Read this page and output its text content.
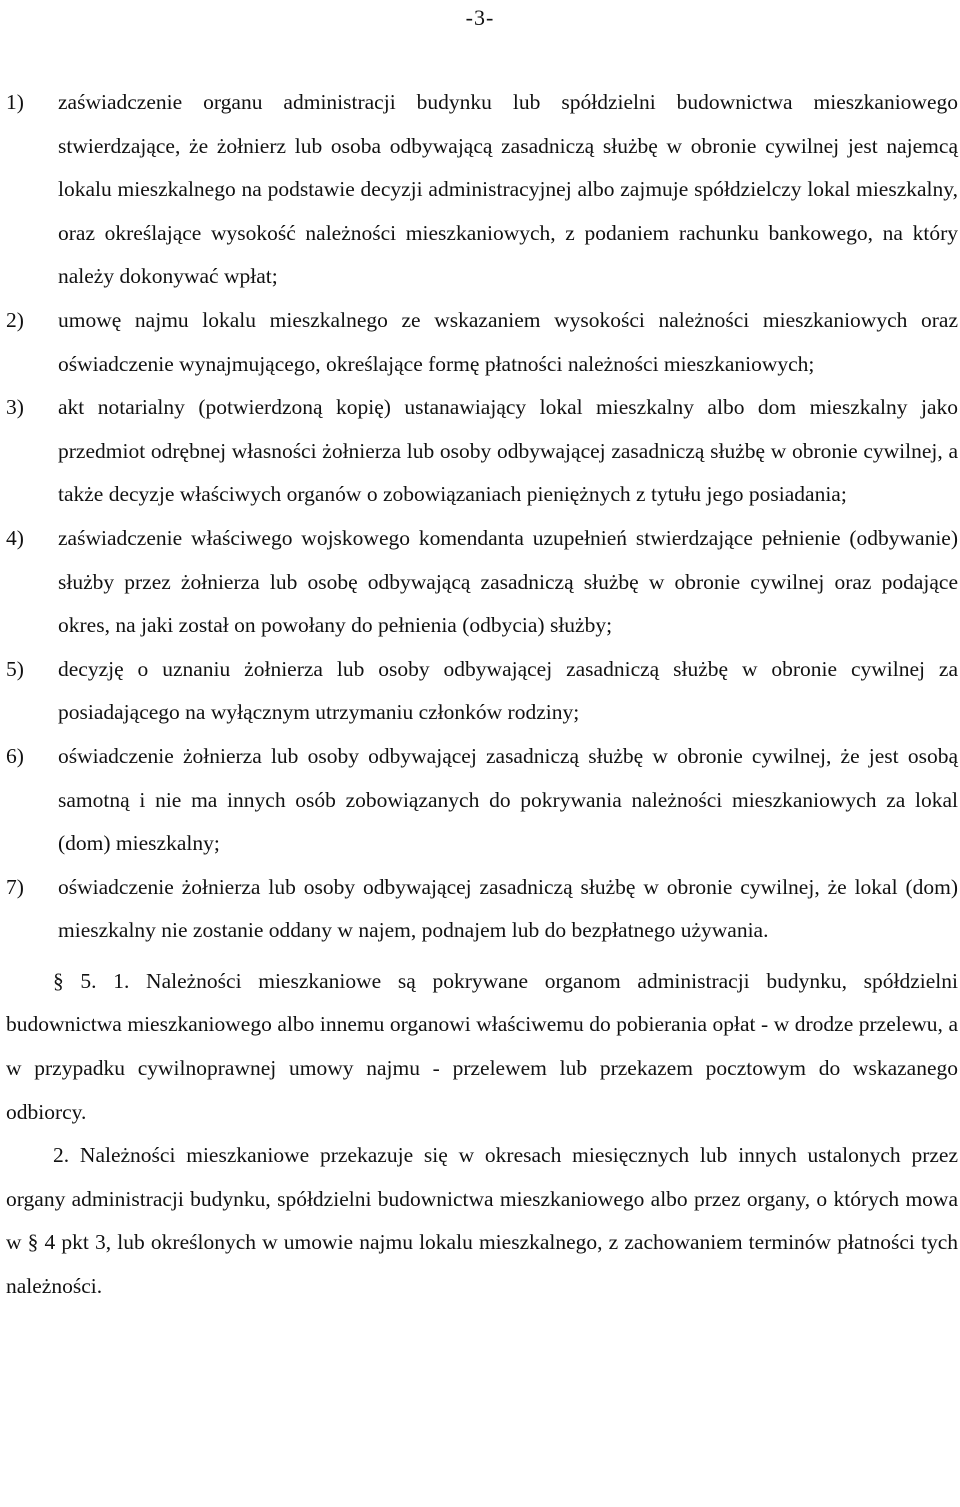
-3-
1)	zaświadczenie organu administracji budynku lub spółdzielni budownictwa mieszkaniowego stwierdzające, że żołnierz lub osoba odbywającą zasadniczą służbę w obronie cywilnej jest najemcą lokalu mieszkalnego na podstawie decyzji administracyjnej albo zajmuje spółdzielczy lokal mieszkalny, oraz określające wysokość należności mieszkaniowych, z podaniem rachunku bankowego, na który należy dokonywać wpłat;
2)	umowę najmu lokalu mieszkalnego ze wskazaniem wysokości należności mieszkaniowych oraz oświadczenie wynajmującego, określające formę płatności należności mieszkaniowych;
3)	akt notarialny (potwierdzoną kopię) ustanawiający lokal mieszkalny albo dom mieszkalny jako przedmiot odrębnej własności żołnierza lub osoby odbywającej zasadniczą służbę w obronie cywilnej, a także decyzje właściwych organów o zobowiązaniach pieniężnych z tytułu jego posiadania;
4)	zaświadczenie właściwego wojskowego komendanta uzupełnień stwierdzające pełnienie (odbywanie) służby przez żołnierza lub osobę odbywającą zasadniczą służbę w obronie cywilnej oraz podające okres, na jaki został on powołany do pełnienia (odbycia) służby;
5)	decyzję o uznaniu żołnierza lub osoby odbywającej zasadniczą służbę w obronie cywilnej za posiadającego na wyłącznym utrzymaniu członków rodziny;
6)	oświadczenie żołnierza lub osoby odbywającej zasadniczą służbę w obronie cywilnej, że jest osobą samotną i nie ma innych osób zobowiązanych do pokrywania należności mieszkaniowych za lokal (dom) mieszkalny;
7)	oświadczenie żołnierza lub osoby odbywającej zasadniczą służbę w obronie cywilnej, że lokal (dom) mieszkalny nie zostanie oddany w najem, podnajem lub do bezpłatnego używania.

§ 5. 1. Należności mieszkaniowe są pokrywane organom administracji budynku, spółdzielni budownictwa mieszkaniowego albo innemu organowi właściwemu do pobierania opłat - w drodze przelewu, a w przypadku cywilnoprawnej umowy najmu - przelewem lub przekazem pocztowym do wskazanego odbiorcy.

2. Należności mieszkaniowe przekazuje się w okresach miesięcznych lub innych ustalonych przez organy administracji budynku, spółdzielni budownictwa mieszkaniowego albo przez organy, o których mowa w § 4 pkt 3, lub określonych w umowie najmu lokalu mieszkalnego, z zachowaniem terminów płatności tych należności.
